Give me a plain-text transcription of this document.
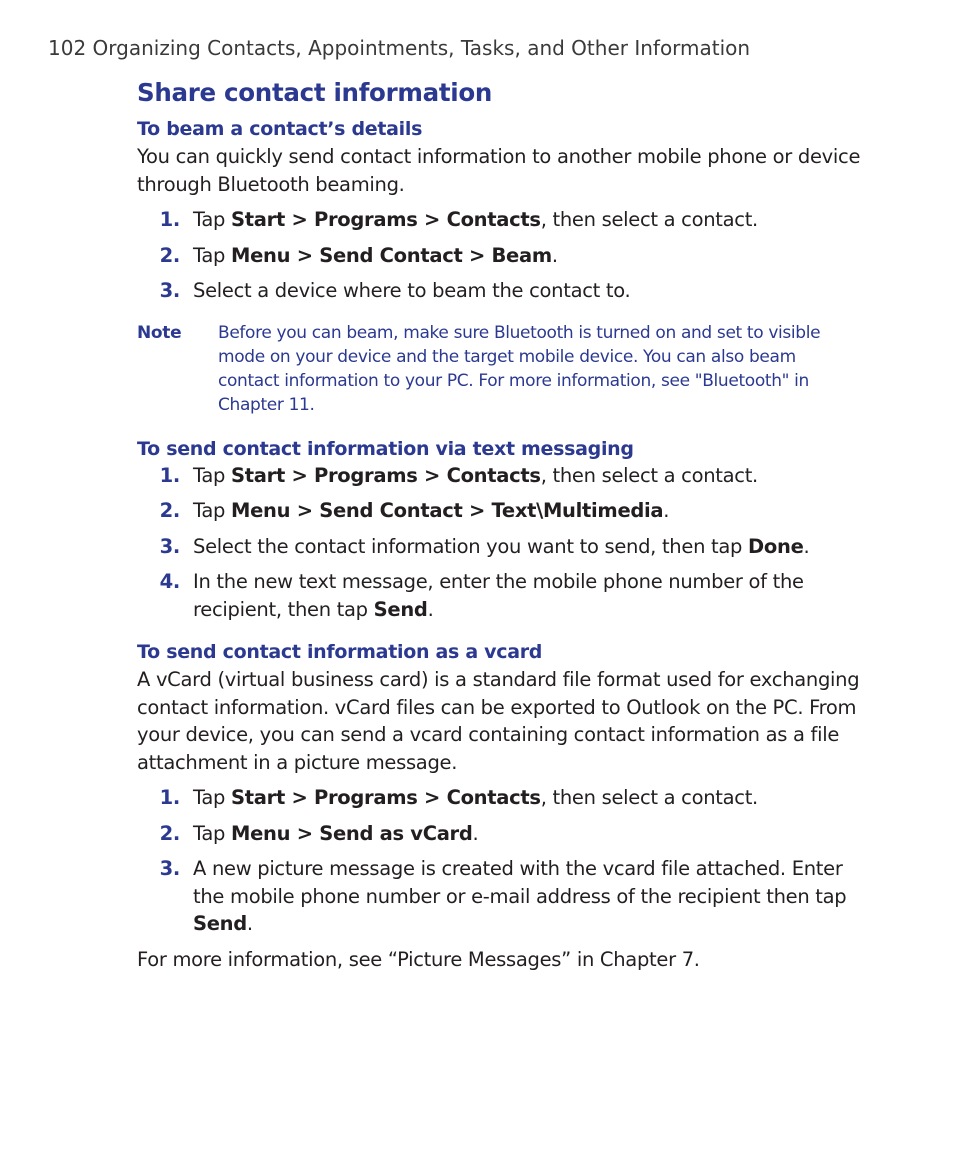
102 Organizing Contacts, Appointments, Tasks, and Other Information
Share contact information
To beam a contact’s details

You can quickly send contact information to another mobile phone or device through Bluetooth beaming.

1. Tap Start > Programs > Contacts, then select a contact.
2. Tap Menu > Send Contact > Beam.
3. Select a device where to beam the contact to.
Note	Before you can beam, make sure Bluetooth is turned on and set to visible mode on your device and the target mobile device. You can also beam contact information to your PC. For more information, see "Bluetooth" in Chapter 11.
To send contact information via text messaging
1. Tap Start > Programs > Contacts, then select a contact.
2. Tap Menu > Send Contact > Text\Multimedia.
3. Select the contact information you want to send, then tap Done.
4. In the new text message, enter the mobile phone number of the recipient, then tap Send.
To send contact information as a vcard

A vCard (virtual business card) is a standard file format used for exchanging contact information. vCard files can be exported to Outlook on the PC. From your device, you can send a vcard containing contact information as a file attachment in a picture message.

1. Tap Start > Programs > Contacts, then select a contact.
2. Tap Menu > Send as vCard.
3. A new picture message is created with the vcard file attached. Enter the mobile phone number or e-mail address of the recipient then tap Send.

For more information, see “Picture Messages” in Chapter 7.
